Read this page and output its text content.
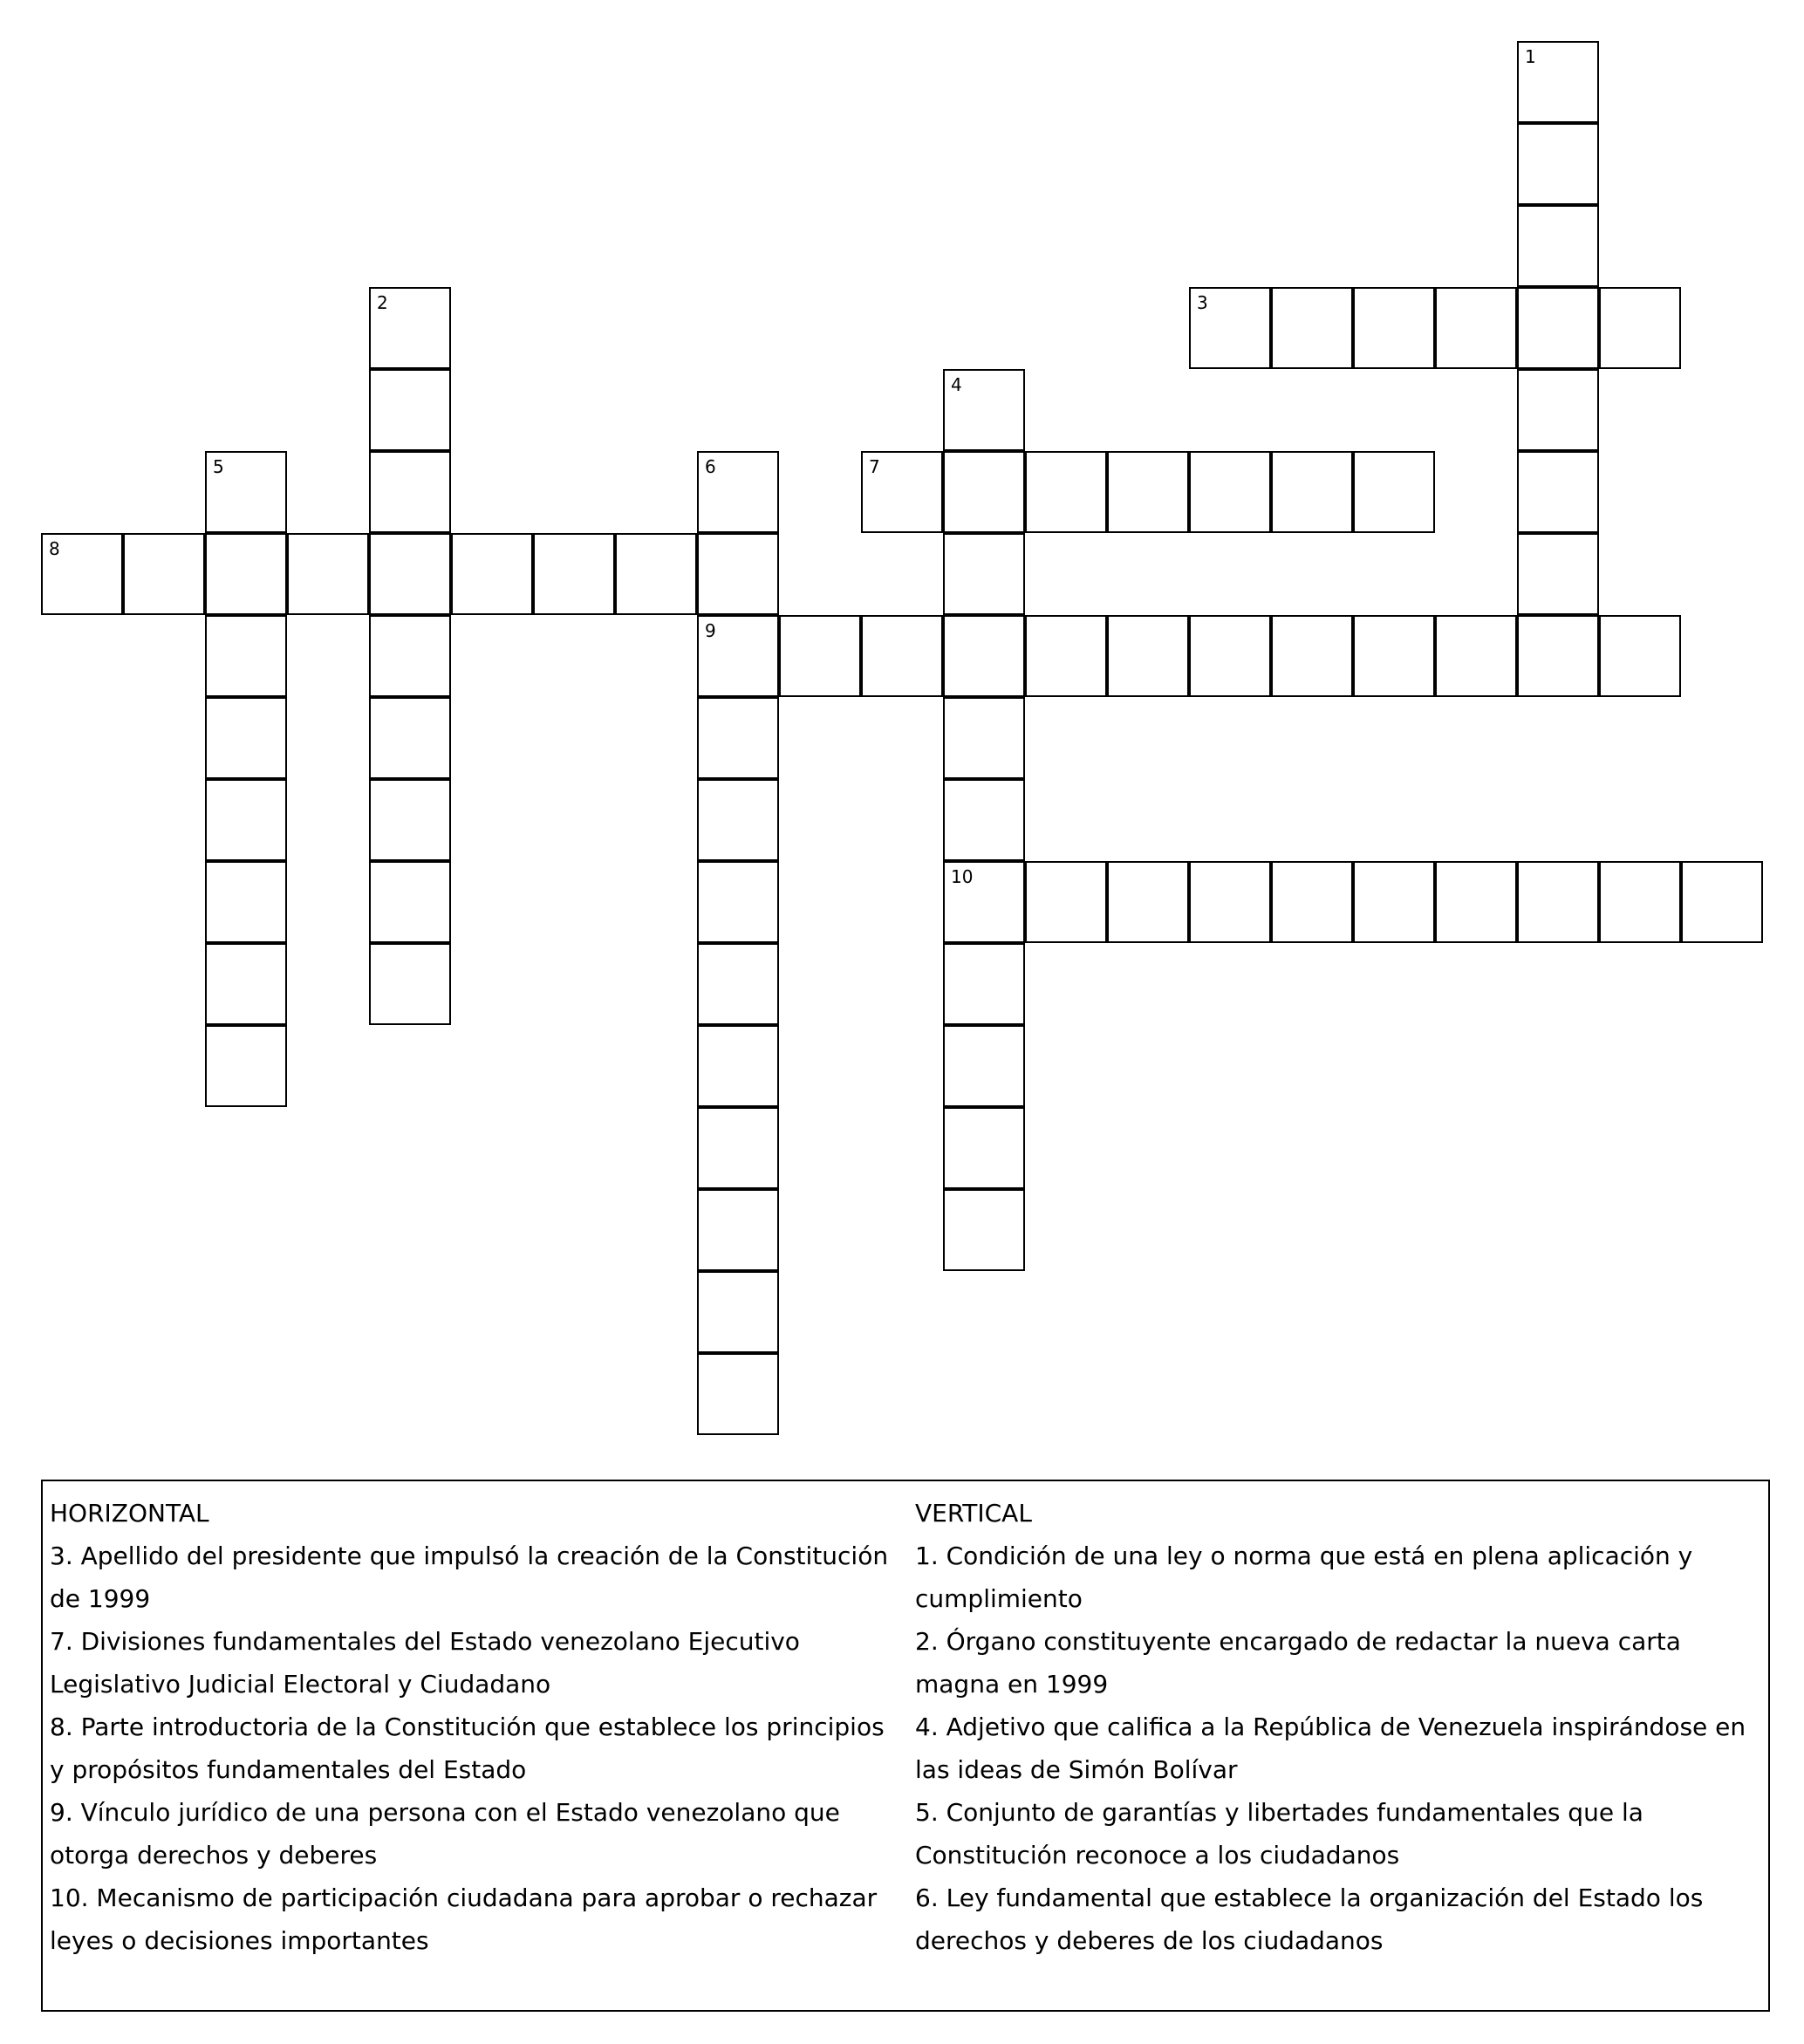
1
2	3
4
10
5	6
9
7
8
HORIZONTAL
3. Apellido del presidente que impulsó la creación de la Constitución de 1999
7. Divisiones fundamentales del Estado venezolano Ejecutivo Legislativo Judicial Electoral y Ciudadano
8. Parte introductoria de la Constitución que establece los principios y propósitos fundamentales del Estado
9. Vínculo jurídico de una persona con el Estado venezolano que otorga derechos y deberes
10. Mecanismo de participación ciudadana para aprobar o rechazar leyes o decisiones importantes
VERTICAL
1. Condición de una ley o norma que está en plena aplicación y cumplimiento
2. Órgano constituyente encargado de redactar la nueva carta magna en 1999
4. Adjetivo que califica a la República de Venezuela inspirándose en las ideas de Simón Bolívar
5. Conjunto de garantías y libertades fundamentales que la Constitución reconoce a los ciudadanos
6. Ley fundamental que establece la organización del Estado los derechos y deberes de los ciudadanos
